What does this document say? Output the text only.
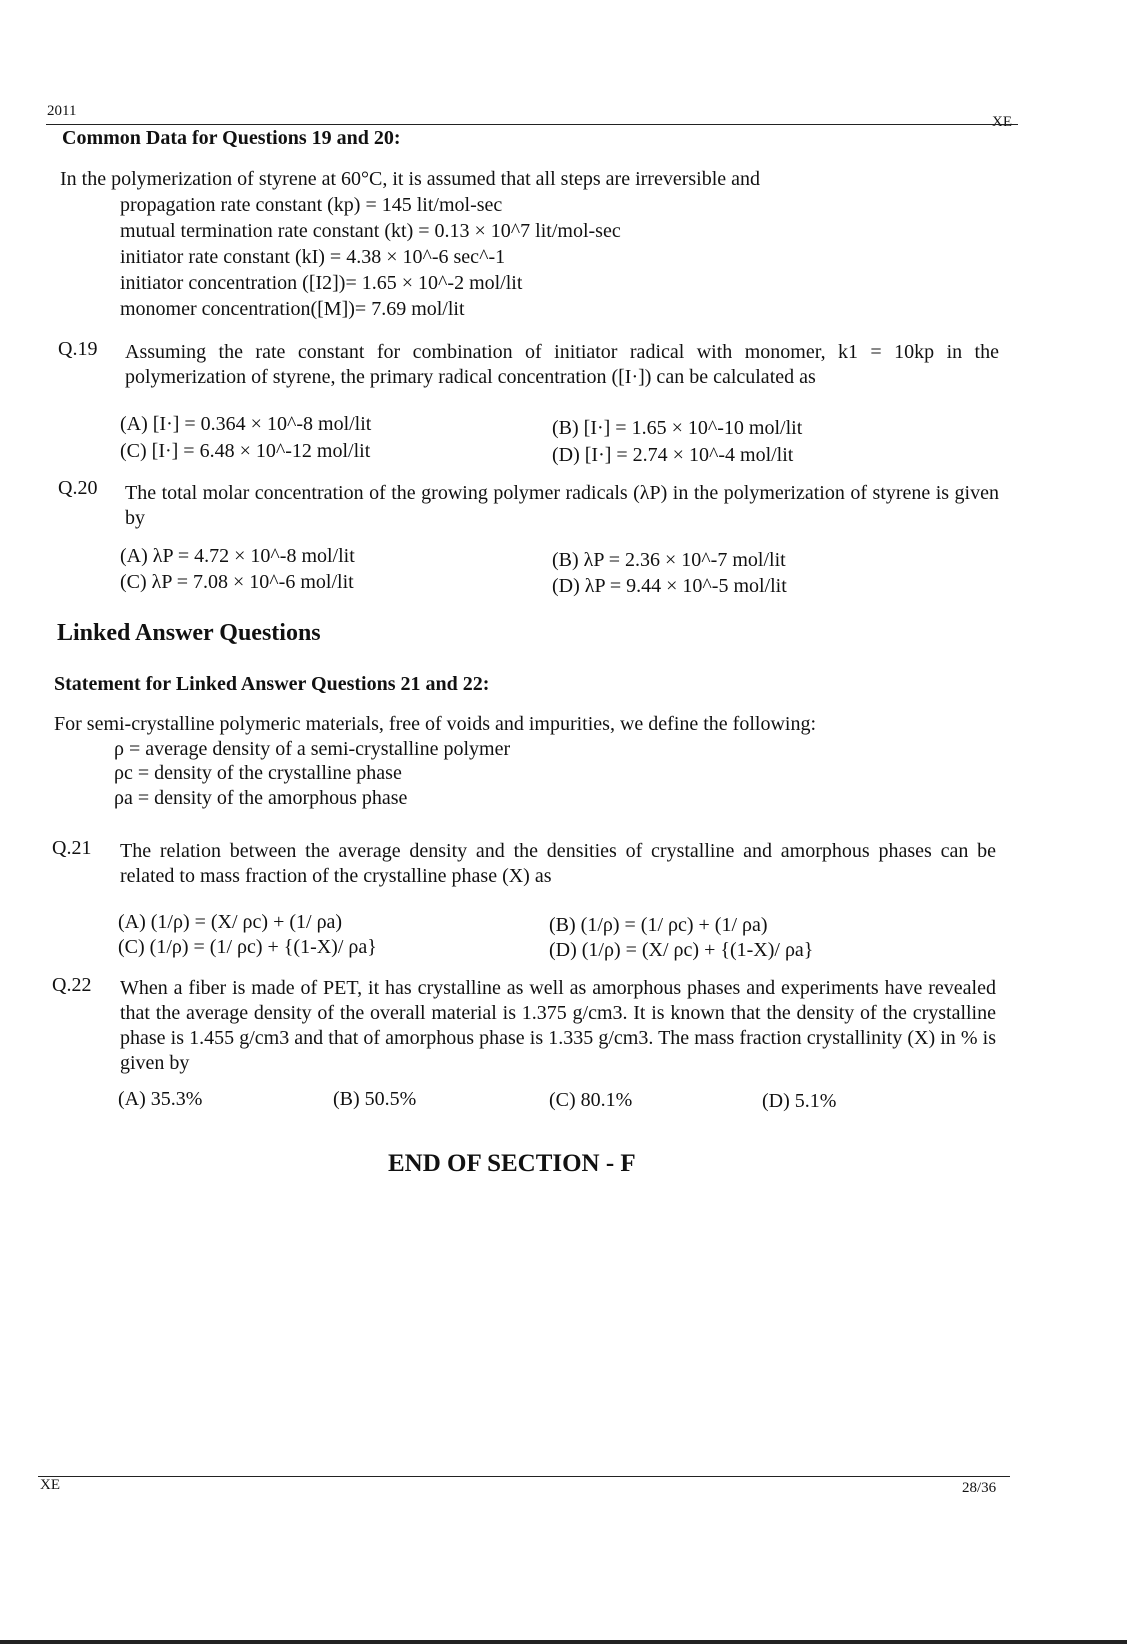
2011
XE
Common Data for Questions 19 and 20:
In the polymerization of styrene at 60°C, it is assumed that all steps are irreversible and
propagation rate constant (kp) = 145 lit/mol-sec
mutual termination rate constant (kt) = 0.13 × 10^7 lit/mol-sec
initiator rate constant (kI) = 4.38 × 10^-6 sec^-1
initiator concentration ([I2])= 1.65 × 10^-2 mol/lit
monomer concentration([M])= 7.69 mol/lit
Q.19 Assuming the rate constant for combination of initiator radical with monomer, k1 = 10kp in the polymerization of styrene, the primary radical concentration ([I·]) can be calculated as
(A) [I·] = 0.364 × 10^-8 mol/lit	(B) [I·] = 1.65 × 10^-10 mol/lit
(C) [I·] = 6.48 × 10^-12 mol/lit	(D) [I·] = 2.74 × 10^-4 mol/lit
Q.20 The total molar concentration of the growing polymer radicals (λP) in the polymerization of styrene is given by
(A) λP = 4.72 × 10^-8 mol/lit	(B) λP = 2.36 × 10^-7 mol/lit
(C) λP = 7.08 × 10^-6 mol/lit	(D) λP = 9.44 × 10^-5 mol/lit
Linked Answer Questions
Statement for Linked Answer Questions 21 and 22:
For semi-crystalline polymeric materials, free of voids and impurities, we define the following:
ρ = average density of a semi-crystalline polymer
ρc = density of the crystalline phase
ρa = density of the amorphous phase
Q.21 The relation between the average density and the densities of crystalline and amorphous phases can be related to mass fraction of the crystalline phase (X) as
(A) (1/ρ) = (X/ ρc) + (1/ ρa)	(B) (1/ρ) = (1/ ρc) + (1/ ρa)
(C) (1/ρ) = (1/ ρc) + {(1-X)/ ρa}	(D) (1/ρ) = (X/ ρc) + {(1-X)/ ρa}
Q.22 When a fiber is made of PET, it has crystalline as well as amorphous phases and experiments have revealed that the average density of the overall material is 1.375 g/cm3. It is known that the density of the crystalline phase is 1.455 g/cm3 and that of amorphous phase is 1.335 g/cm3. The mass fraction crystallinity (X) in % is given by
(A) 35.3%	(B) 50.5%	(C) 80.1%	(D) 5.1%
END OF SECTION - F
XE	28/36
